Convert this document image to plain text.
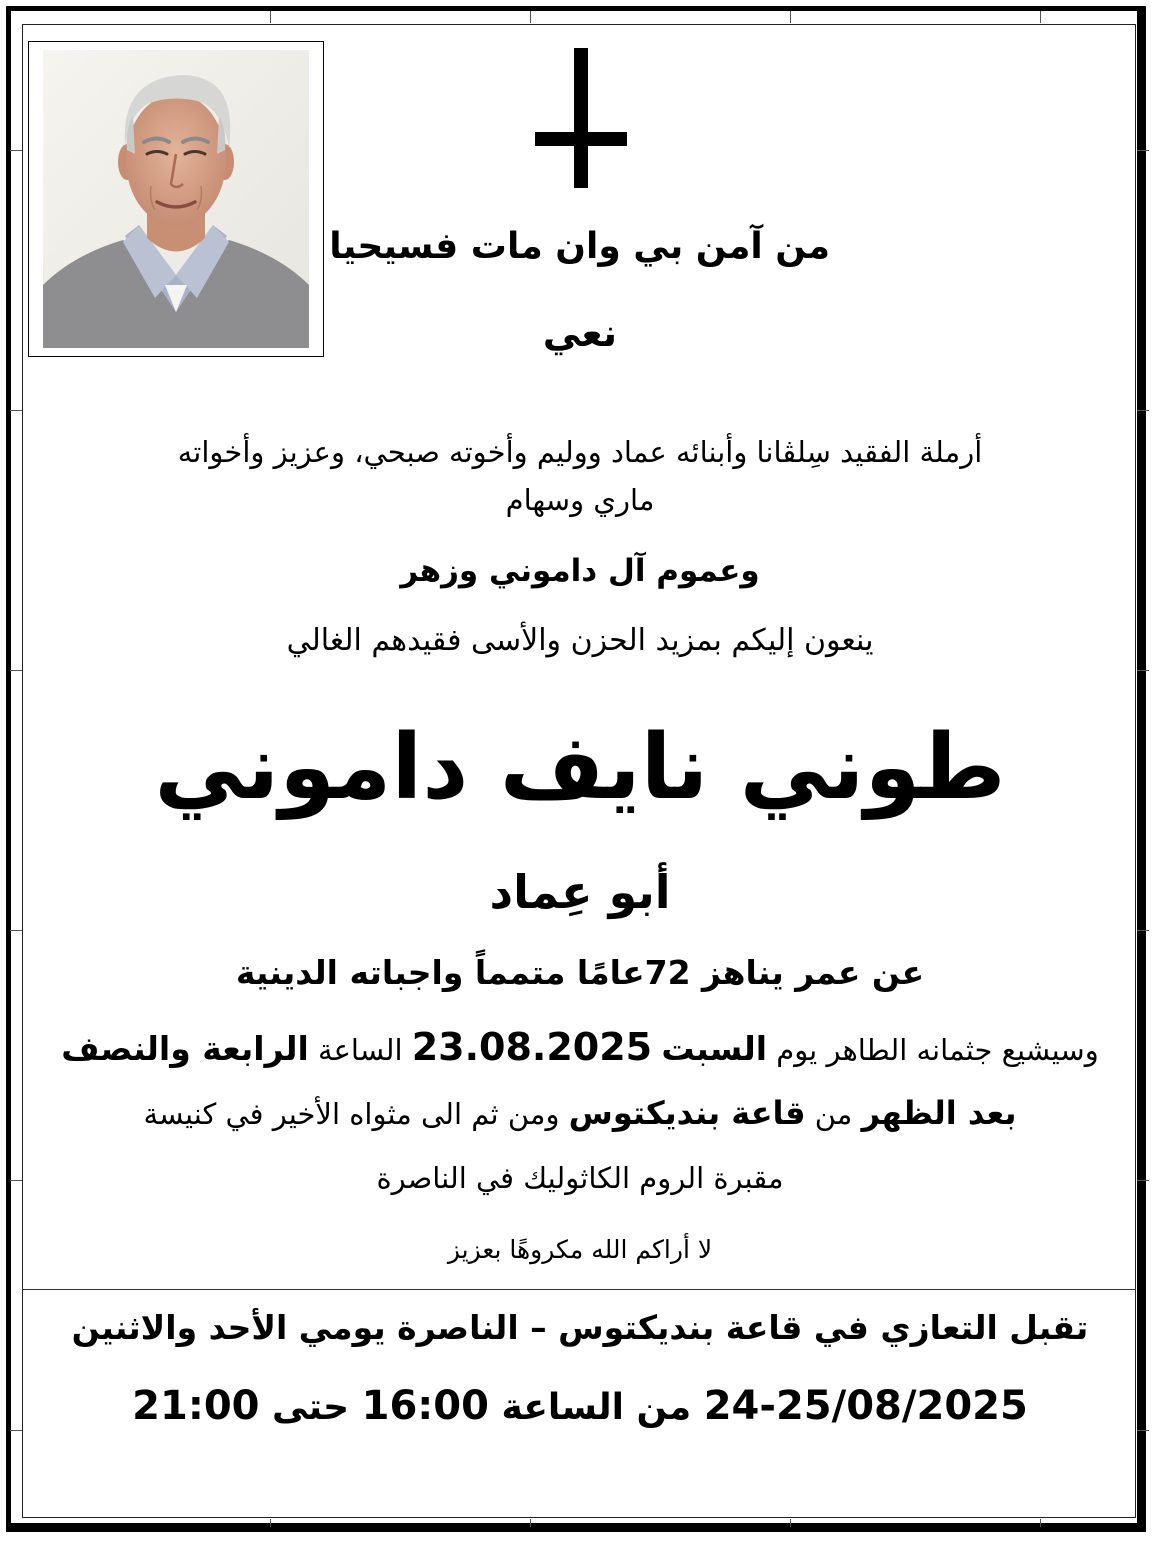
من آمن بي وان مات فسيحيا
نعي
أرملة الفقيد سِلڤانا وأبنائه عماد ووليم وأخوته صبحي، وعزيز وأخواته
ماري وسهام
وعموم آل داموني وزهر
ينعون إليكم بمزيد الحزن والأسى فقيدهم الغالي
طوني نايف داموني
أبو عِماد
عن عمر يناهز 72عامًا متمماً واجباته الدينية
وسيشيع جثمانه الطاهر يوم السبت 23.08.2025 الساعة الرابعة والنصف
بعد الظهر من قاعة بنديكتوس ومن ثم الى مثواه الأخير في كنيسة
مقبرة الروم الكاثوليك في الناصرة
لا أراكم الله مكروهًا بعزيز
تقبل التعازي في قاعة بنديكتوس – الناصرة يومي الأحد والاثنين
24-25/08/2025 من الساعة 16:00 حتى 21:00
